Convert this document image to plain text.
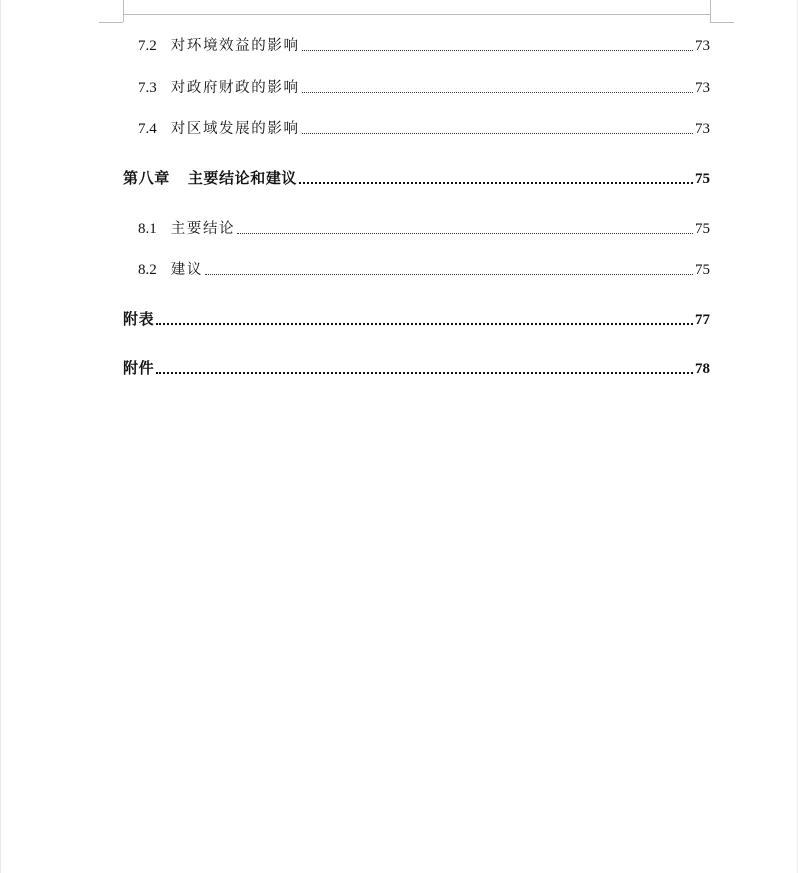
7.2 对环境效益的影响	73
7.3 对政府财政的影响	73
7.4 对区域发展的影响	73
第八章 主要结论和建议	75
8.1 主要结论	75
8.2 建议	75
附表	77
附件	78
